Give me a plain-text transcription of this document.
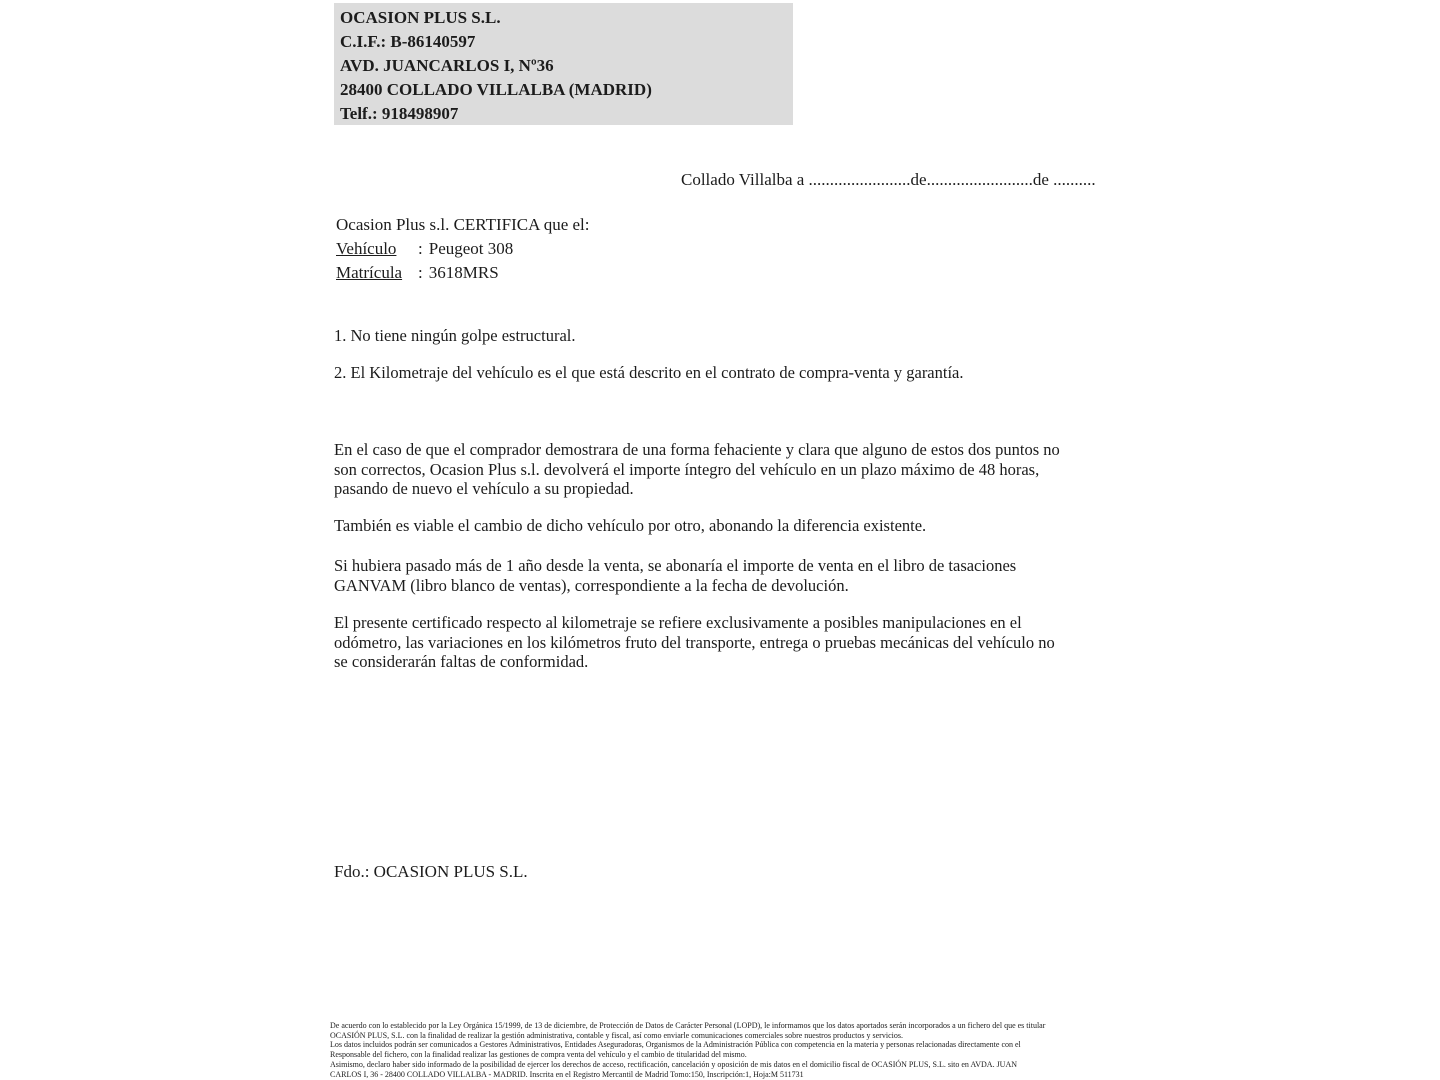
OCASION PLUS S.L.
C.I.F.: B-86140597
AVD. JUANCARLOS I, Nº36
28400 COLLADO VILLALBA (MADRID)
Telf.: 918498907
Collado Villalba a ........................de.........................de ..........
Ocasion Plus s.l. CERTIFICA que el:
Vehículo : Peugeot 308
Matrícula : 3618MRS
1. No tiene ningún golpe estructural.
2. El Kilometraje del vehículo es el que está descrito en el contrato de compra-venta y garantía.
En el caso de que el comprador demostrara de una forma fehaciente y clara que alguno de estos dos puntos no
son correctos, Ocasion Plus s.l. devolverá el importe íntegro del vehículo en un plazo máximo de 48 horas,
pasando de nuevo el vehículo a su propiedad.
También es viable el cambio de dicho vehículo por otro, abonando la diferencia existente.
Si hubiera pasado más de 1 año desde la venta, se abonaría el importe de venta en el libro de tasaciones
GANVAM (libro blanco de ventas), correspondiente a la fecha de devolución.
El presente certificado respecto al kilometraje se refiere exclusivamente a posibles manipulaciones en el
odómetro, las variaciones en los kilómetros fruto del transporte, entrega o pruebas mecánicas del vehículo no
se considerarán faltas de conformidad.
Fdo.: OCASION PLUS S.L.
De acuerdo con lo establecido por la Ley Orgánica 15/1999, de 13 de diciembre, de Protección de Datos de Carácter Personal (LOPD), le informamos que los datos aportados serán incorporados a un fichero del que es titular
OCASIÓN PLUS, S.L. con la finalidad de realizar la gestión administrativa, contable y fiscal, así como enviarle comunicaciones comerciales sobre nuestros productos y servicios.
Los datos incluidos podrán ser comunicados a Gestores Administrativos, Entidades Aseguradoras, Organismos de la Administración Pública con competencia en la materia y personas relacionadas directamente con el
Responsable del fichero, con la finalidad realizar las gestiones de compra venta del vehículo y el cambio de titularidad del mismo.
Asimismo, declaro haber sido informado de la posibilidad de ejercer los derechos de acceso, rectificación, cancelación y oposición de mis datos en el domicilio fiscal de OCASIÓN PLUS, S.L. sito en AVDA. JUAN
CARLOS I, 36 - 28400 COLLADO VILLALBA - MADRID. Inscrita en el Registro Mercantil de Madrid Tomo:150, Inscripción:1, Hoja:M 511731
